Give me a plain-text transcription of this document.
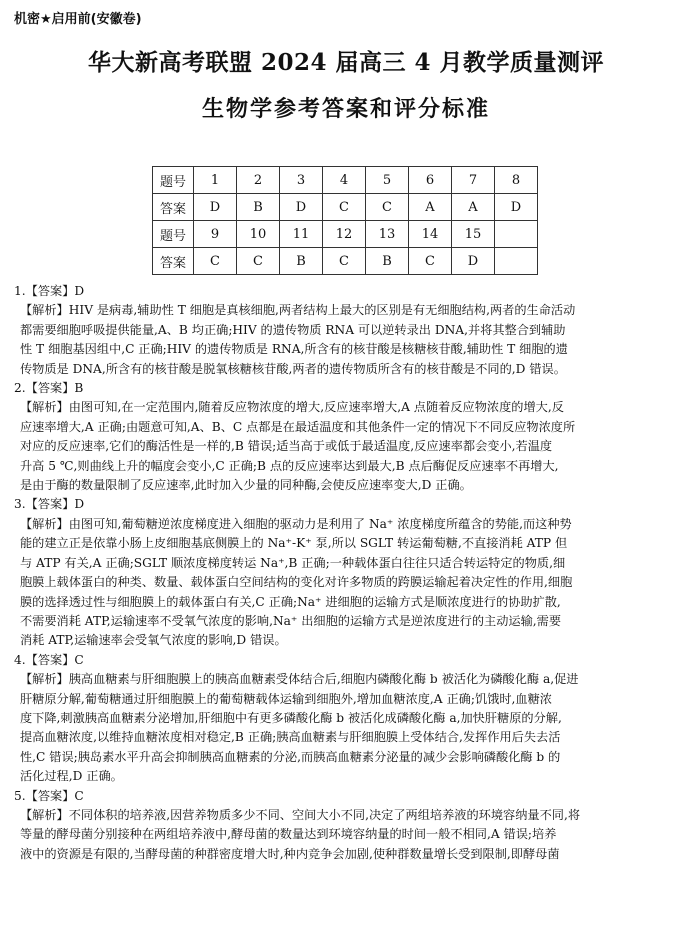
机密★启用前(安徽卷)
华大新高考联盟 2024 届高三 4 月教学质量测评
生物学参考答案和评分标准
题号	1	2	3	4	5	6	7	8
答案	D	B	D	C	C	A	A	D
题号	9	10	11	12	13	14	15	
答案	C	C	B	C	B	C	D	
1.【答案】D
【解析】HIV 是病毒,辅助性 T 细胞是真核细胞,两者结构上最大的区别是有无细胞结构,两者的生命活动
都需要细胞呼吸提供能量,A、B 均正确;HIV 的遗传物质 RNA 可以逆转录出 DNA,并将其整合到辅助
性 T 细胞基因组中,C 正确;HIV 的遗传物质是 RNA,所含有的核苷酸是核糖核苷酸,辅助性 T 细胞的遗
传物质是 DNA,所含有的核苷酸是脱氧核糖核苷酸,两者的遗传物质所含有的核苷酸是不同的,D 错误。
2.【答案】B
【解析】由图可知,在一定范围内,随着反应物浓度的增大,反应速率增大,A 点随着反应物浓度的增大,反
应速率增大,A 正确;由题意可知,A、B、C 点都是在最适温度和其他条件一定的情况下不同反应物浓度所
对应的反应速率,它们的酶活性是一样的,B 错误;适当高于或低于最适温度,反应速率都会变小,若温度
升高 5 ℃,则曲线上升的幅度会变小,C 正确;B 点的反应速率达到最大,B 点后酶促反应速率不再增大,
是由于酶的数量限制了反应速率,此时加入少量的同种酶,会使反应速率变大,D 正确。
3.【答案】D
【解析】由图可知,葡萄糖逆浓度梯度进入细胞的驱动力是利用了 Na⁺ 浓度梯度所蕴含的势能,而这种势
能的建立正是依靠小肠上皮细胞基底侧膜上的 Na⁺-K⁺ 泵,所以 SGLT 转运葡萄糖,不直接消耗 ATP 但
与 ATP 有关,A 正确;SGLT 顺浓度梯度转运 Na⁺,B 正确;一种载体蛋白往往只适合转运特定的物质,细
胞膜上载体蛋白的种类、数量、载体蛋白空间结构的变化对许多物质的跨膜运输起着决定性的作用,细胞
膜的选择透过性与细胞膜上的载体蛋白有关,C 正确;Na⁺ 进细胞的运输方式是顺浓度进行的协助扩散,
不需要消耗 ATP,运输速率不受氧气浓度的影响,Na⁺ 出细胞的运输方式是逆浓度进行的主动运输,需要
消耗 ATP,运输速率会受氧气浓度的影响,D 错误。
4.【答案】C
【解析】胰高血糖素与肝细胞膜上的胰高血糖素受体结合后,细胞内磷酸化酶 b 被活化为磷酸化酶 a,促进
肝糖原分解,葡萄糖通过肝细胞膜上的葡萄糖载体运输到细胞外,增加血糖浓度,A 正确;饥饿时,血糖浓
度下降,刺激胰高血糖素分泌增加,肝细胞中有更多磷酸化酶 b 被活化成磷酸化酶 a,加快肝糖原的分解,
提高血糖浓度,以维持血糖浓度相对稳定,B 正确;胰高血糖素与肝细胞膜上受体结合,发挥作用后失去活
性,C 错误;胰岛素水平升高会抑制胰高血糖素的分泌,而胰高血糖素分泌量的减少会影响磷酸化酶 b 的
活化过程,D 正确。
5.【答案】C
【解析】不同体积的培养液,因营养物质多少不同、空间大小不同,决定了两组培养液的环境容纳量不同,将
等量的酵母菌分别接种在两组培养液中,酵母菌的数量达到环境容纳量的时间一般不相同,A 错误;培养
液中的资源是有限的,当酵母菌的种群密度增大时,种内竞争会加剧,使种群数量增长受到限制,即酵母菌
